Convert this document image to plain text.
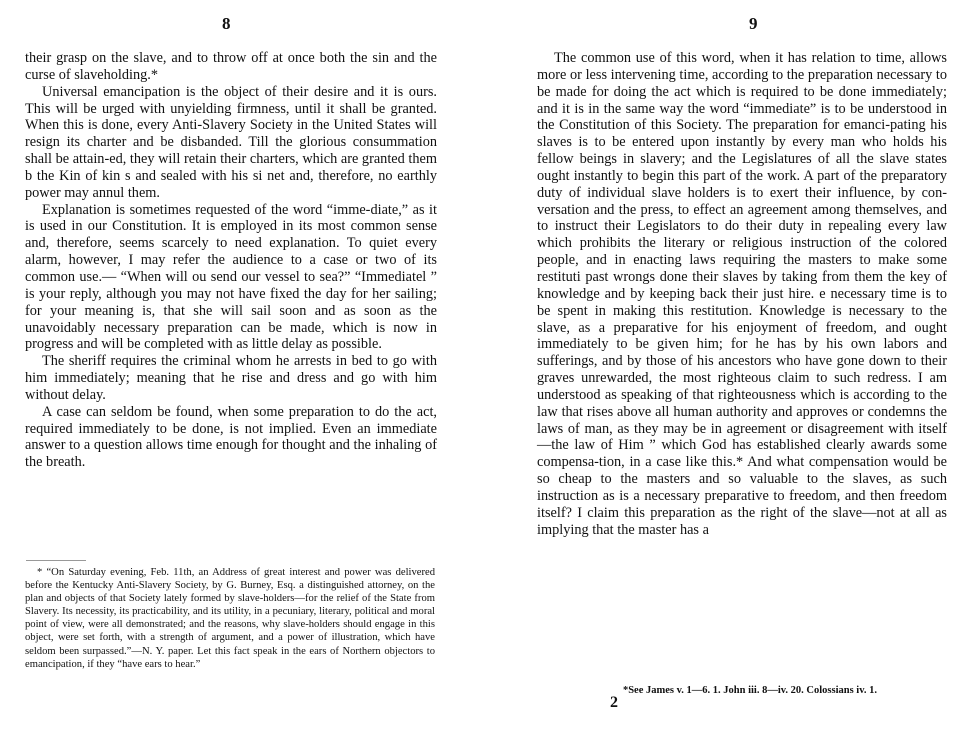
8

their grasp on the slave, and to throw off at once both the sin and the curse of slaveholding.*

Universal emancipation is the object of their desire and it is ours. This will be urged with unyielding firmness, until it shall be granted. When this is done, every Anti-Slavery Society in the United States will resign its charter and be disbanded. Till the glorious consummation shall be attain-ed, they will retain their charters, which are granted them b the Kin of kin s and sealed with his si net and, therefore, no earthly power may annul them.

Explanation is sometimes requested of the word “imme-diate,” as it is used in our Constitution. It is employed in its most common sense and, therefore, seems scarcely to need explanation. To quiet every alarm, however, I may refer the audience to a case or two of its common use.— “When will ou send our vessel to sea?” “Immediatel ” is your reply, although you may not have fixed the day for her sailing; for your meaning is, that she will sail soon and as soon as the unavoidably necessary preparation can be made, which is now in progress and will be completed with as little delay as possible.

The sheriff requires the criminal whom he arrests in bed to go with him immediately; meaning that he rise and dress and go with him without delay.

A case can seldom be found, when some preparation to do the act, required immediately to be done, is not implied. Even an immediate answer to a question allows time enough for thought and the inhaling of the breath.

* “On Saturday evening, Feb. 11th, an Address of great interest and power was delivered before the Kentucky Anti-Slavery Society, by G. Burney, Esq. a distinguished attorney, on the plan and objects of that Society lately formed by slave-holders—for the relief of the State from Slavery. Its necessity, its practicability, and its utility, in a pecuniary, literary, political and moral point of view, were all demonstrated; and the reasons, why slave-holders should engage in this object, were set forth, with a strength of argument, and a power of illustration, which have seldom been surpassed.”—N. Y. paper. Let this fact speak in the ears of Northern objectors to emancipation, if they “have ears to hear.”

9

The common use of this word, when it has relation to time, allows more or less intervening time, according to the preparation necessary to be made for doing the act which is required to be done immediately; and it is in the same way the word “immediate” is to be understood in the Constitution of this Society. The preparation for emanci-pating his slaves is to be entered upon instantly by every man who holds his fellow beings in slavery; and the Legislatures of all the slave states ought instantly to begin this part of the work. A part of the preparatory duty of individual slave holders is to exert their influence, by con-versation and the press, to effect an agreement among themselves, and to instruct their Legislators to do their duty in repealing every law which prohibits the literary or religious instruction of the colored people, and in enacting laws requiring the masters to make some restituti past wrongs done their slaves by taking from them the key of knowledge and by keeping back their just hire. e necessary time is to be spent in making this restitution. Knowledge is necessary to the slave, as a preparative for his enjoyment of freedom, and ought immediately to be given him; for he has by his own labors and sufferings, and by those of his ancestors who have gone down to their graves unrewarded, the most righteous claim to such redress. I am understood as speaking of that righteousness which is according to the law that rises above all human authority and approves or condemns the laws of man, as they may be in agreement or disagreement with itself—the law of Him ” which God has established clearly awards some compensa-tion, in a case like this.* And what compensation would be so cheap to the masters and so valuable to the slaves, as such instruction as is a necessary preparative to freedom, and then freedom itself? I claim this preparation as the right of the slave—not at all as implying that the master has a

*See James v. 1—6. 1. John iii. 8—iv. 20. Colossians iv. 1.
2
